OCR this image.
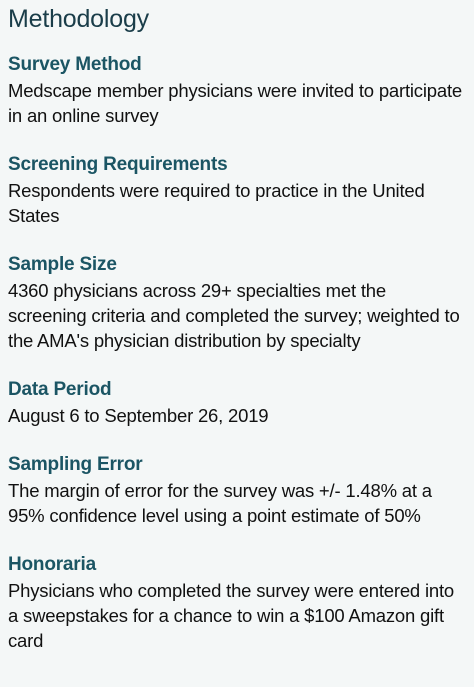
Methodology
Survey Method

Medscape member physicians were invited to participate in an online survey

Screening Requirements

Respondents were required to practice in the United States

Sample Size

4360 physicians across 29+ specialties met the screening criteria and completed the survey; weighted to the AMA's physician distribution by specialty

Data Period

August 6 to September 26, 2019

Sampling Error

The margin of error for the survey was +/- 1.48% at a 95% confidence level using a point estimate of 50%

Honoraria

Physicians who completed the survey were entered into a sweepstakes for a chance to win a $100 Amazon gift card
